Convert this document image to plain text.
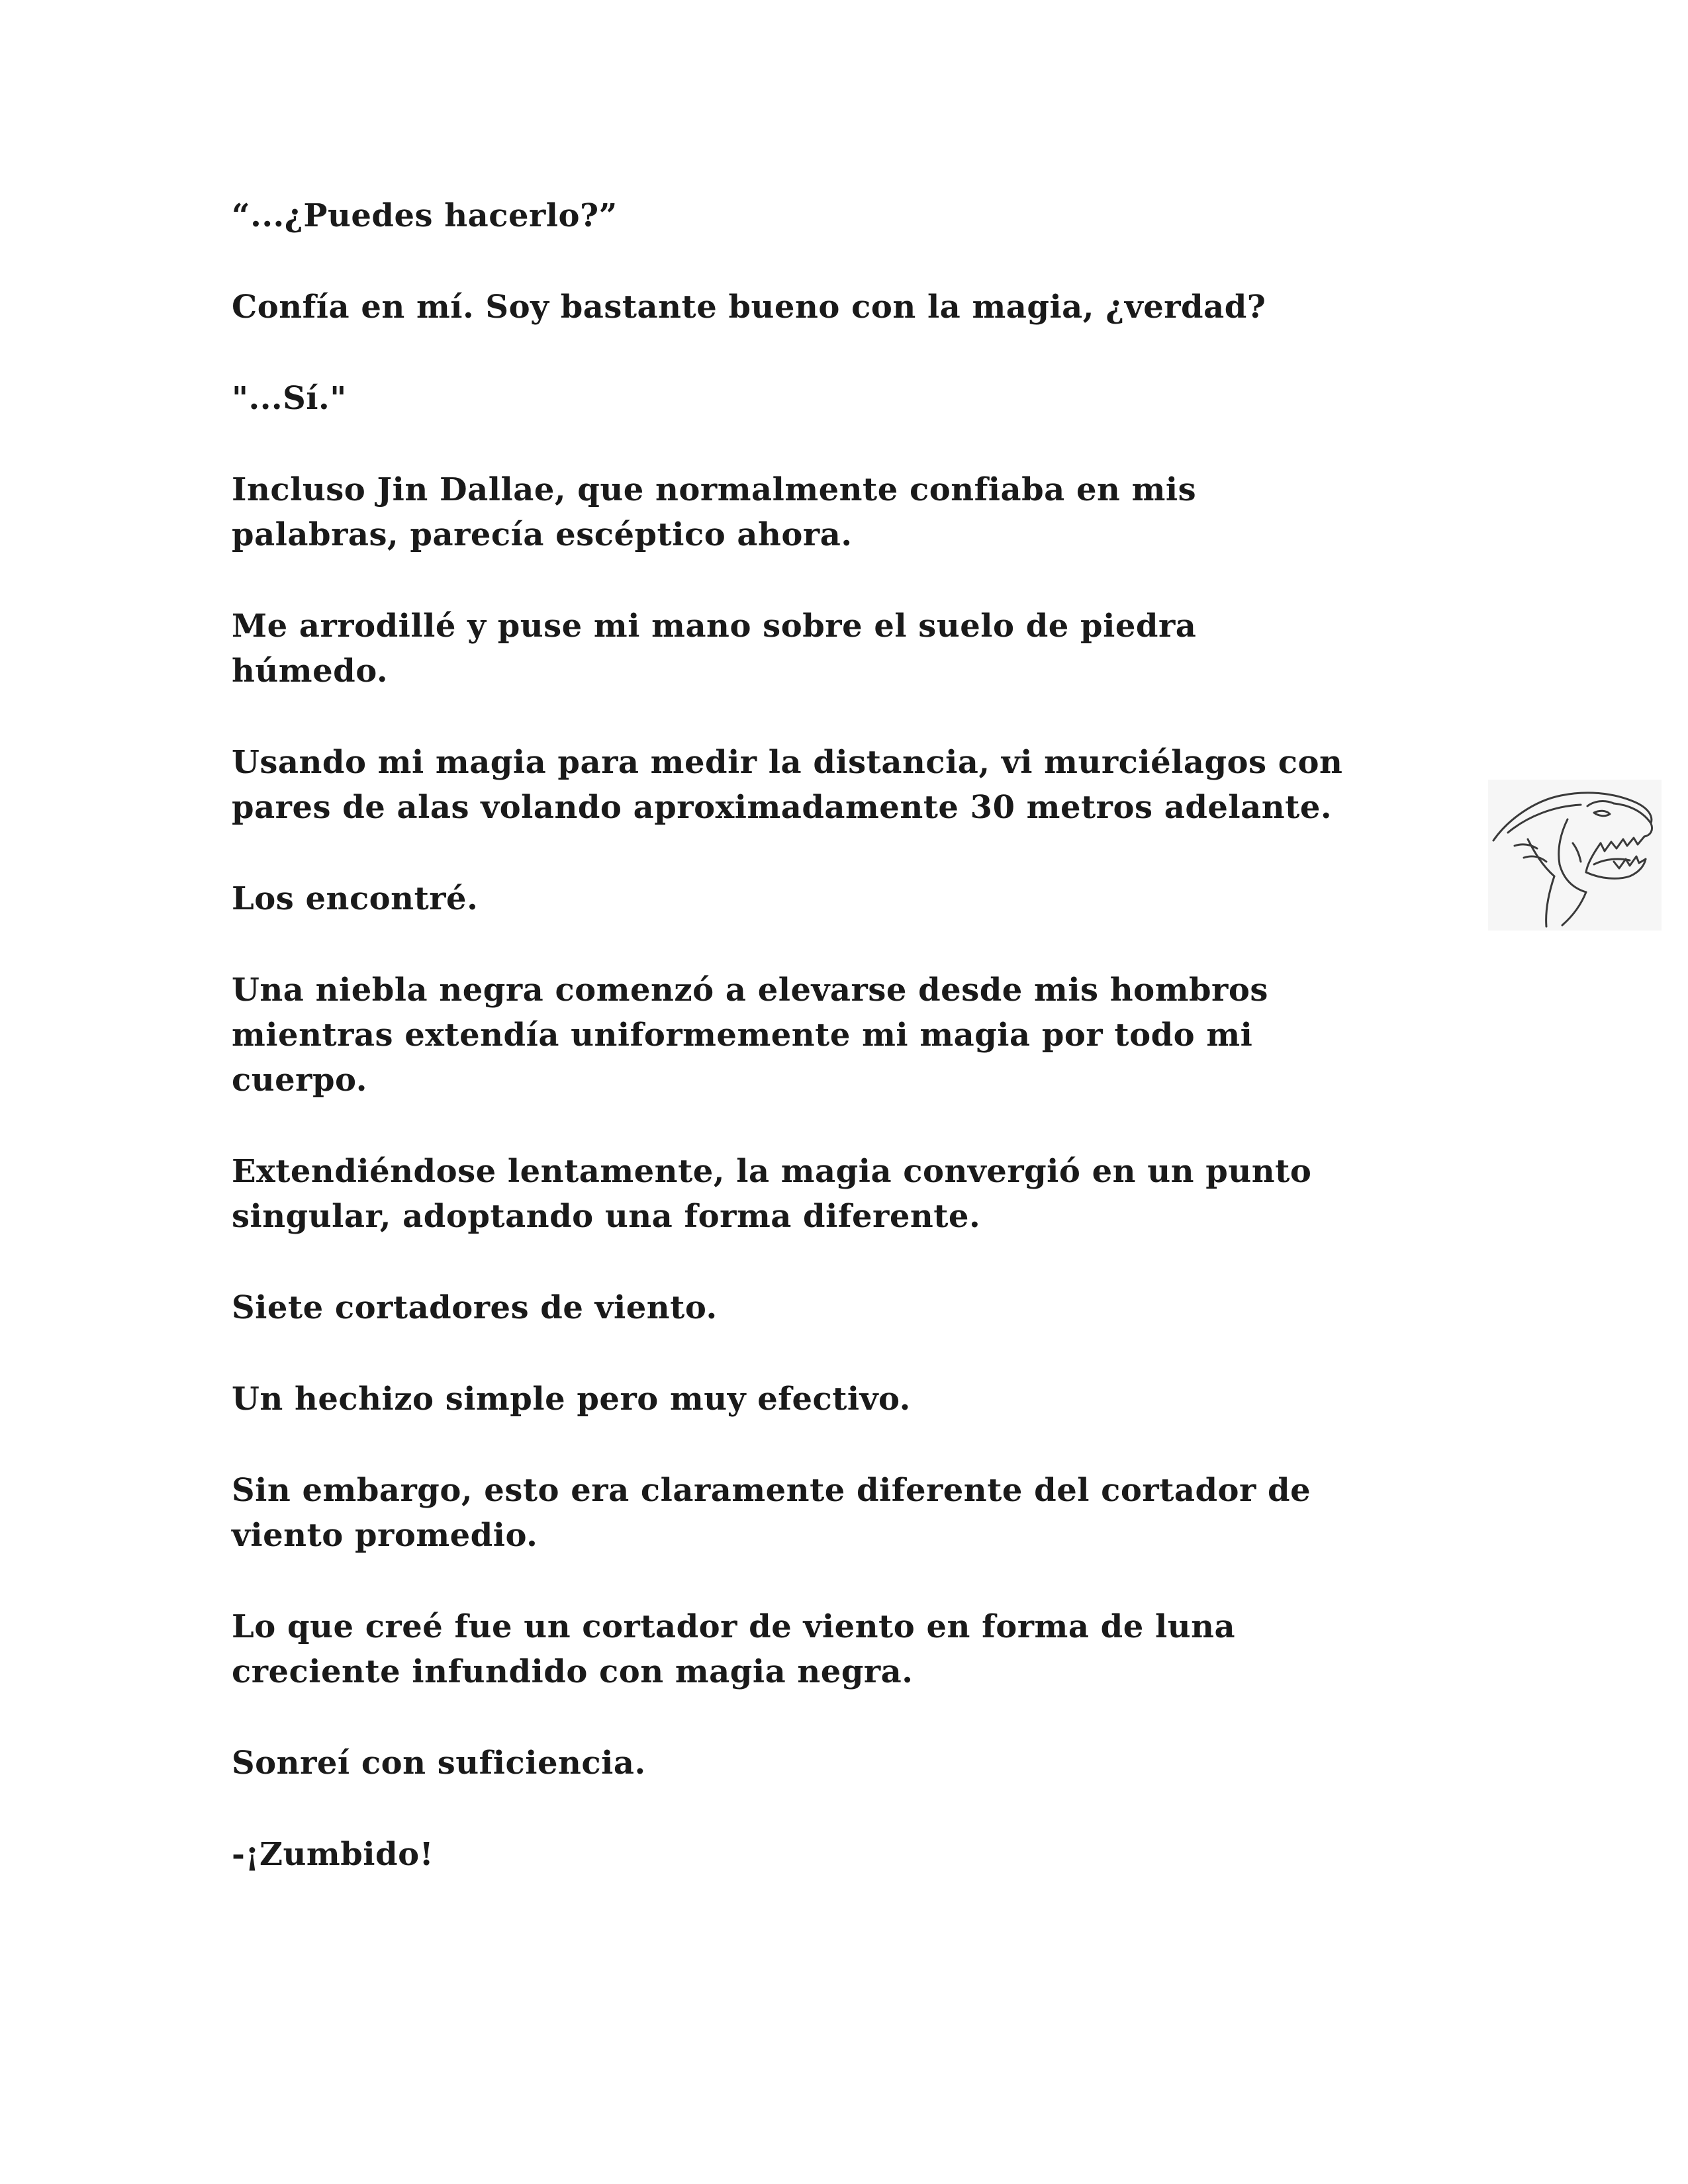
“...¿Puedes hacerlo?”

Confía en mí. Soy bastante bueno con la magia, ¿verdad?

"...Sí."

Incluso Jin Dallae, que normalmente confiaba en mis
palabras, parecía escéptico ahora.

Me arrodillé y puse mi mano sobre el suelo de piedra
húmedo.

Usando mi magia para medir la distancia, vi murciélagos con
pares de alas volando aproximadamente 30 metros adelante.

Los encontré.

Una niebla negra comenzó a elevarse desde mis hombros
mientras extendía uniformemente mi magia por todo mi
cuerpo.

Extendiéndose lentamente, la magia convergió en un punto
singular, adoptando una forma diferente.

Siete cortadores de viento.

Un hechizo simple pero muy efectivo.

Sin embargo, esto era claramente diferente del cortador de
viento promedio.

Lo que creé fue un cortador de viento en forma de luna
creciente infundido con magia negra.

Sonreí con suficiencia.

-¡Zumbido!
